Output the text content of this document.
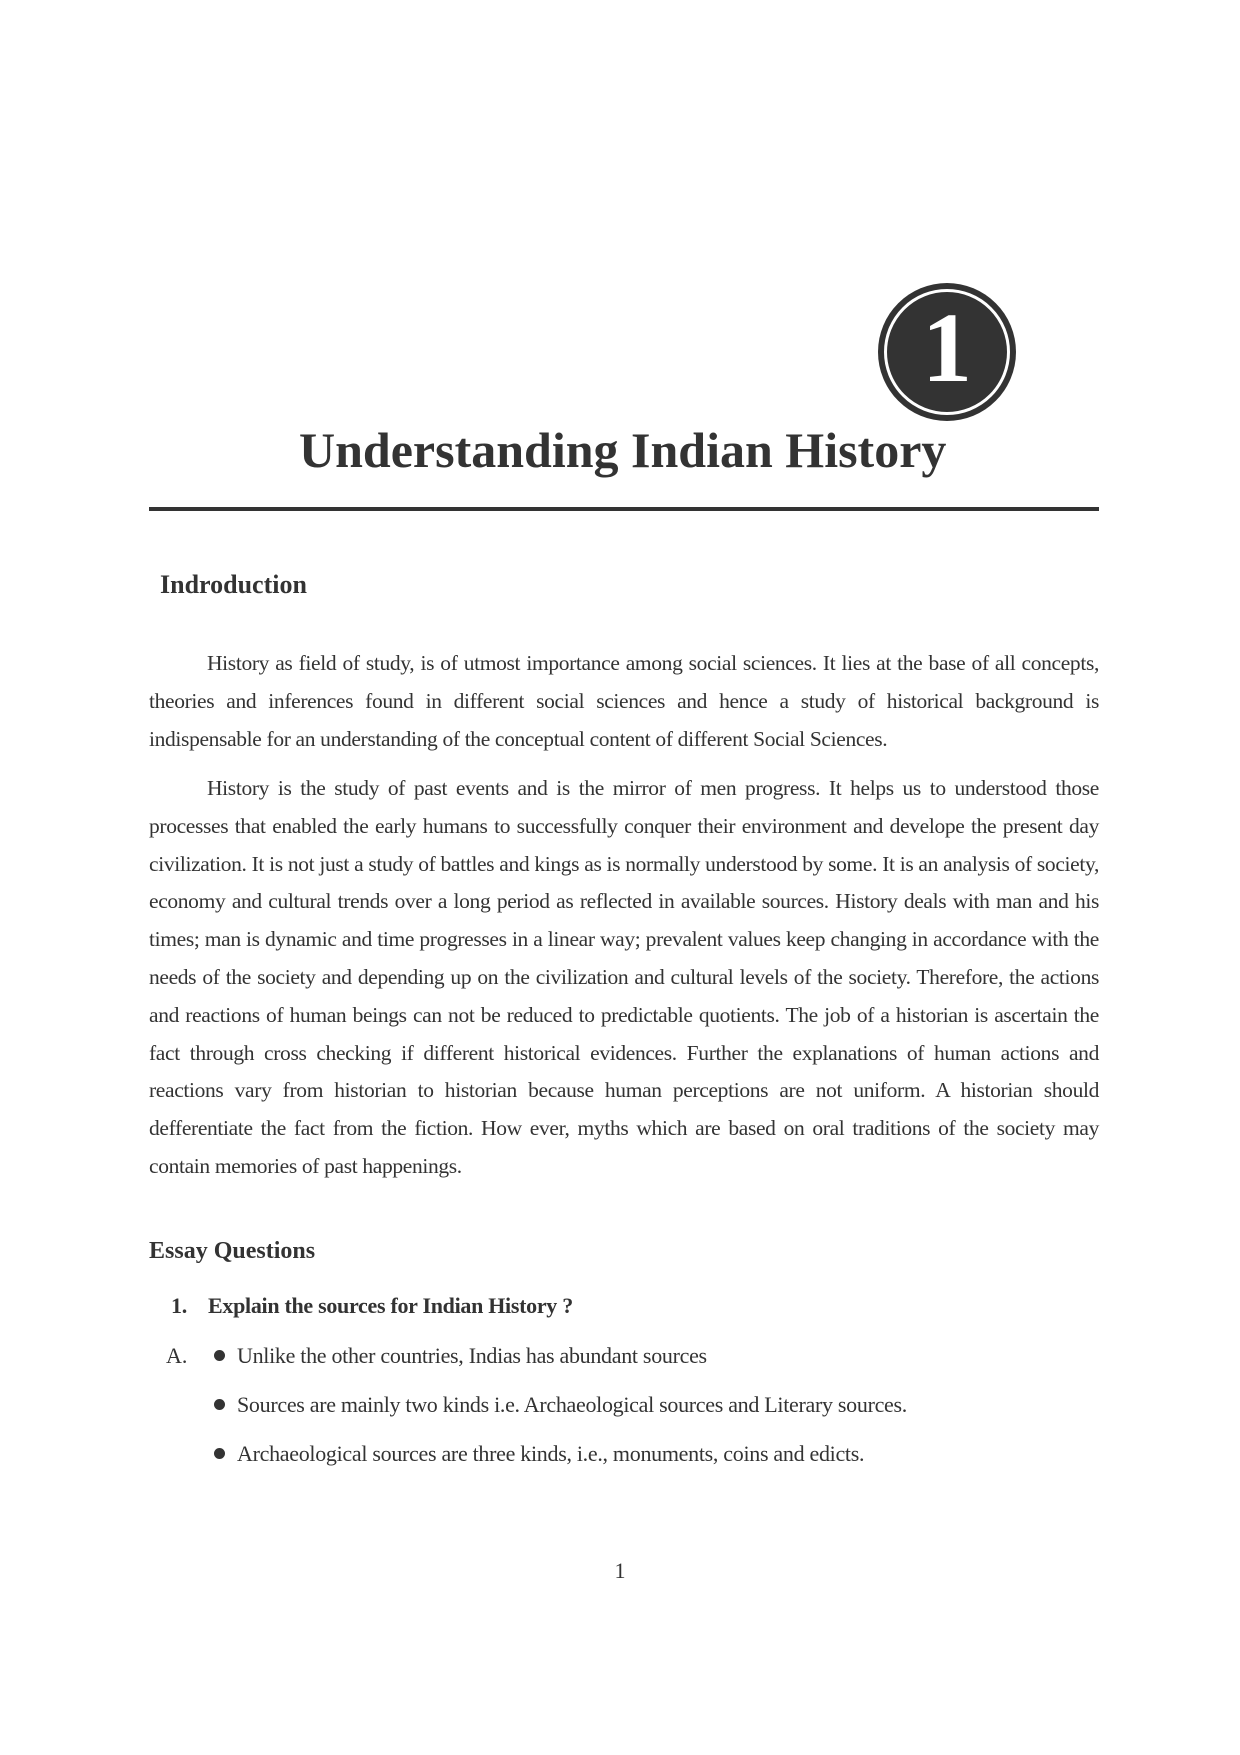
1
Understanding Indian History
Indroduction
History as field of study, is of utmost importance among social sciences. It lies at the base of all concepts, theories and inferences found in different social sciences and hence a study of historical background is indispensable for an understanding of the conceptual content of different Social Sciences.
History is the study of past events and is the mirror of men progress. It helps us to understood those processes that enabled the early humans to successfully conquer their environment and develope the present day civilization. It is not just a study of battles and kings as is normally understood by some. It is an analysis of society, economy and cultural trends over a long period as reflected in available sources. History deals with man and his times; man is dynamic and time progresses in a linear way; prevalent values keep changing in accordance with the needs of the society and depending up on the civilization and cultural levels of the society. Therefore, the actions and reactions of human beings can not be reduced to predictable quotients. The job of a historian is ascertain the fact through cross checking if different historical evidences. Further the explanations of human actions and reactions vary from historian to historian because human perceptions are not uniform. A historian should defferentiate the fact from the fiction. How ever, myths which are based on oral traditions of the society may contain memories of past happenings.
Essay Questions
1. Explain the sources for Indian History ?
A.	Unlike the other countries, Indias has abundant sources
Sources are mainly two kinds i.e. Archaeological sources and Literary sources.
Archaeological sources are three kinds, i.e., monuments, coins and edicts.
1
